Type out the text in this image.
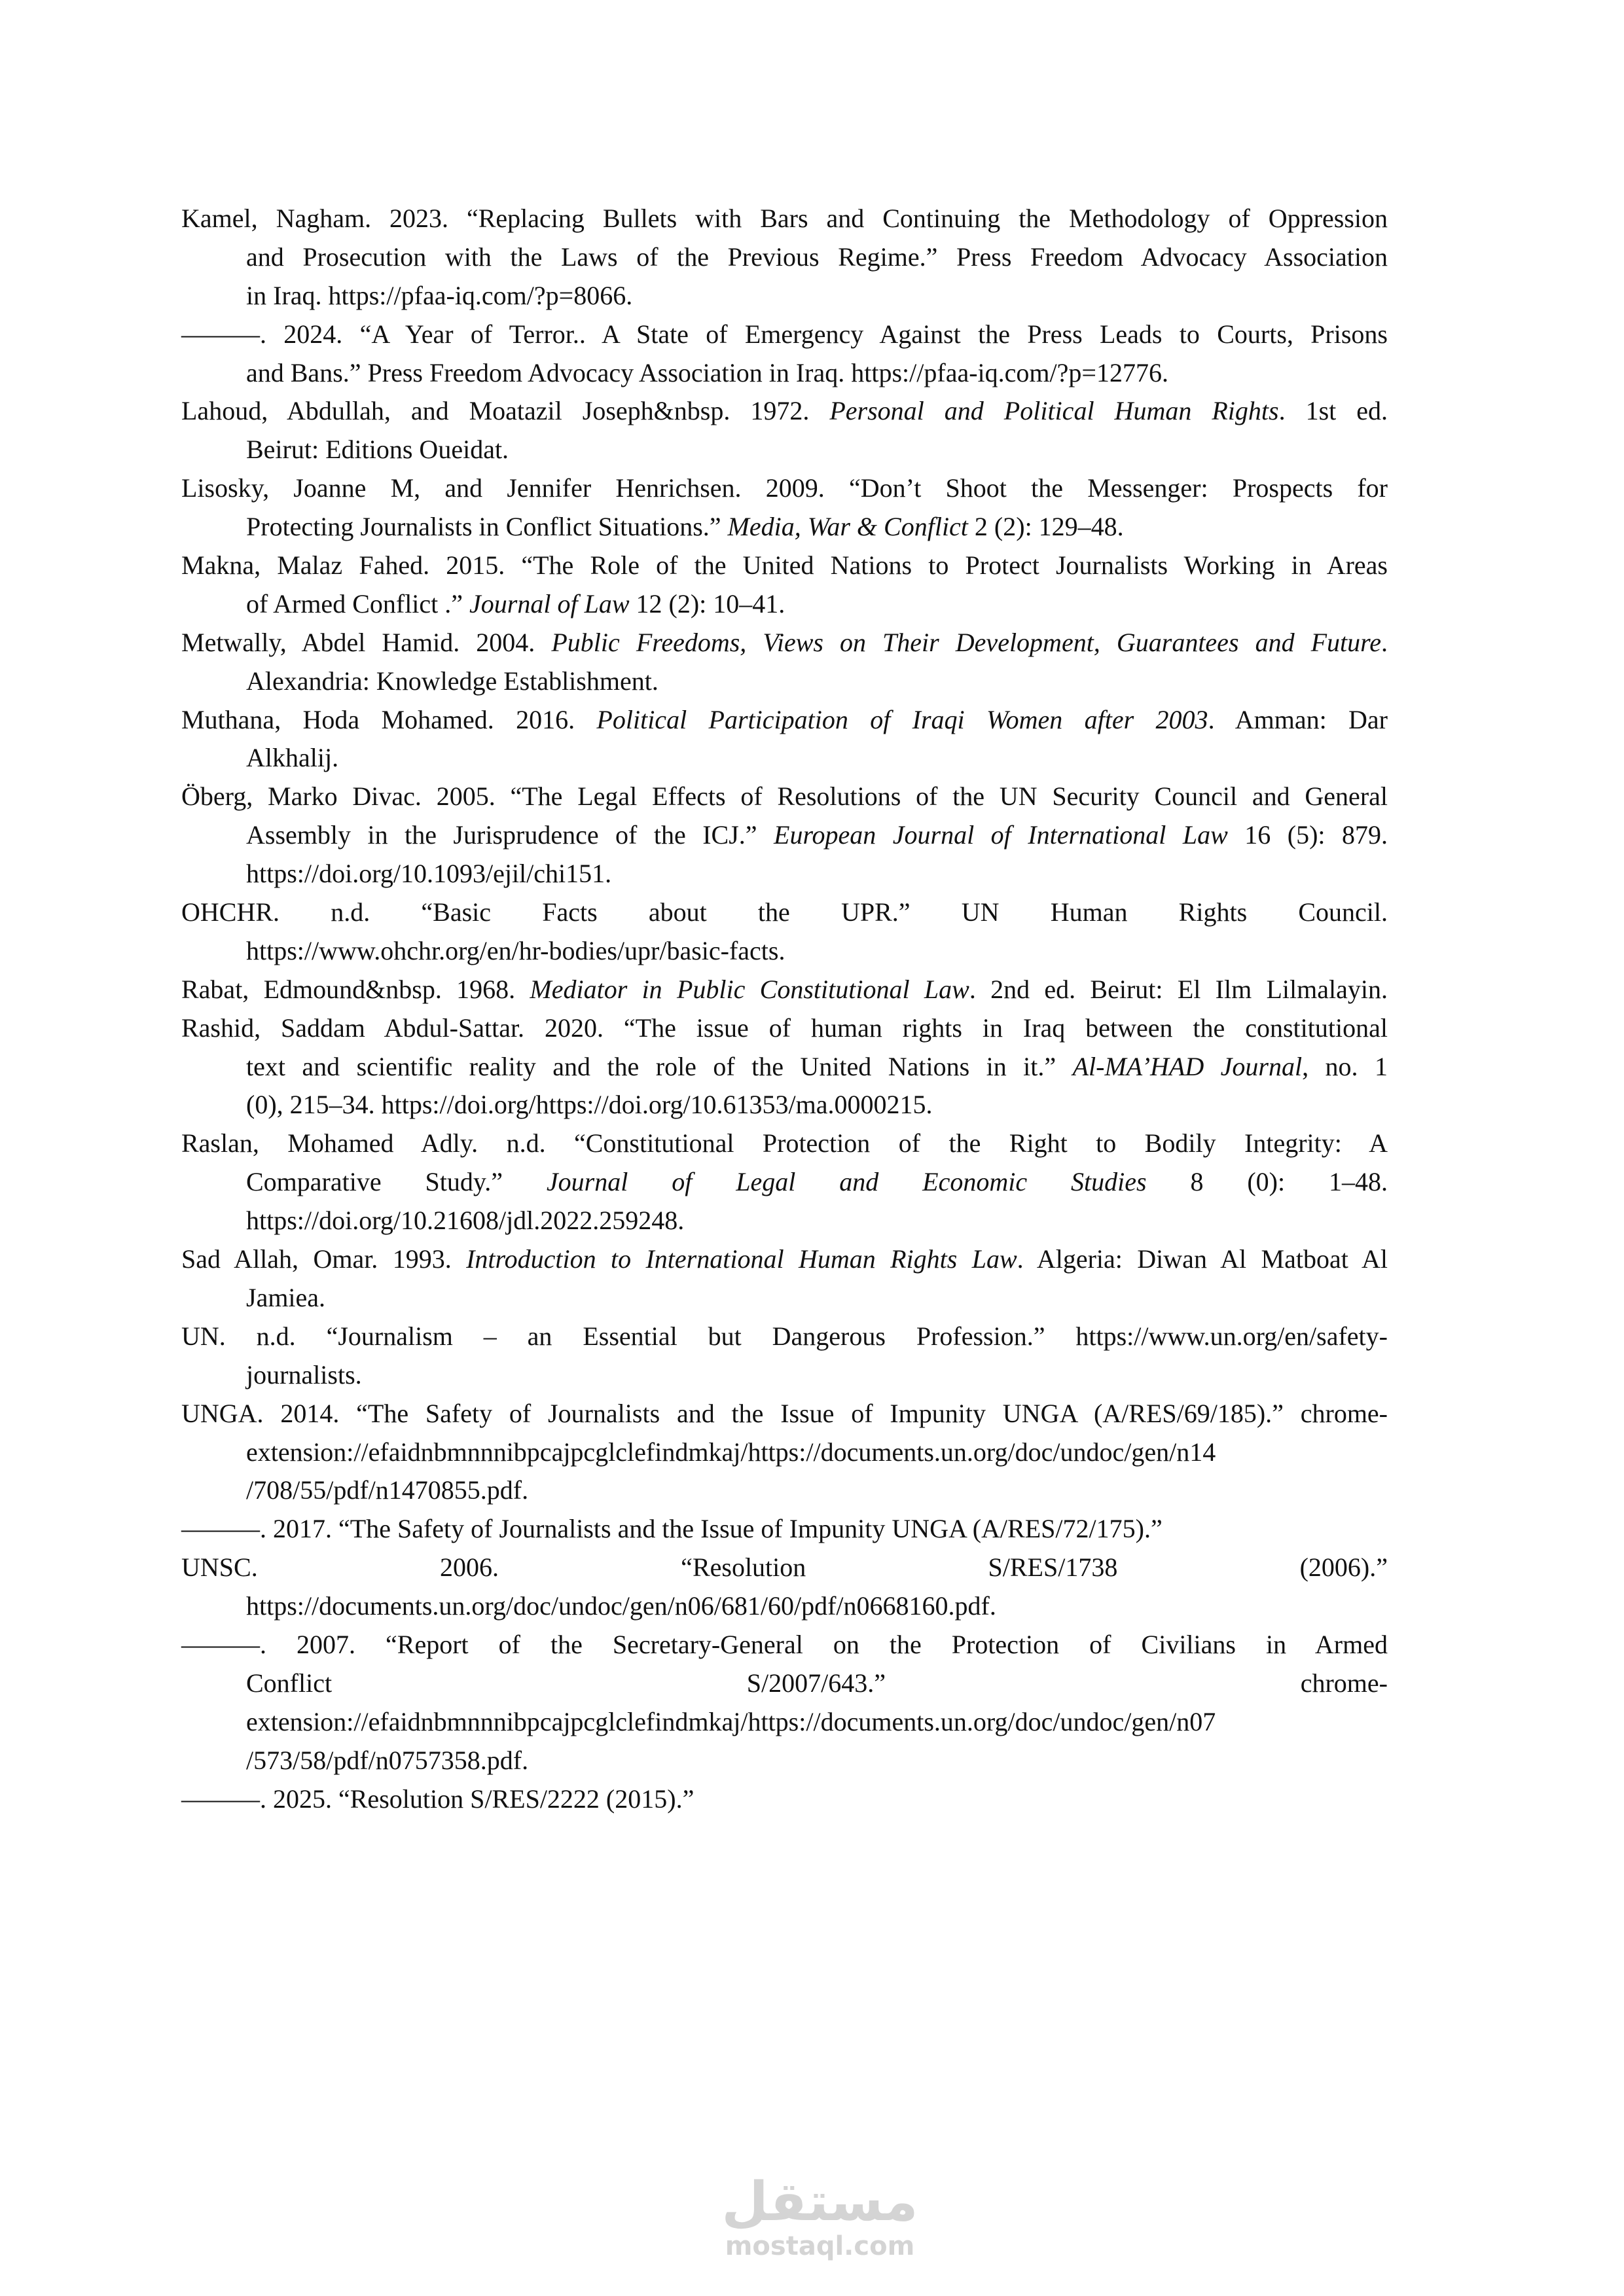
Kamel, Nagham. 2023. “Replacing Bullets with Bars and Continuing the Methodology of Oppression
and Prosecution with the Laws of the Previous Regime.” Press Freedom Advocacy Association
in Iraq. https://pfaa-iq.com/?p=8066.
———. 2024. “A Year of Terror.. A State of Emergency Against the Press Leads to Courts, Prisons
and Bans.” Press Freedom Advocacy Association in Iraq. https://pfaa-iq.com/?p=12776.
Lahoud, Abdullah, and Moatazil Joseph&nbsp. 1972. Personal and Political Human Rights. 1st ed.
Beirut: Editions Oueidat.
Lisosky, Joanne M, and Jennifer Henrichsen. 2009. “Don’t Shoot the Messenger: Prospects for
Protecting Journalists in Conflict Situations.” Media, War & Conflict 2 (2): 129–48.
Makna, Malaz Fahed. 2015. “The Role of the United Nations to Protect Journalists Working in Areas
of Armed Conflict .” Journal of Law 12 (2): 10–41.
Metwally, Abdel Hamid. 2004. Public Freedoms, Views on Their Development, Guarantees and Future.
Alexandria: Knowledge Establishment.
Muthana, Hoda Mohamed. 2016. Political Participation of Iraqi Women after 2003. Amman: Dar
Alkhalij.
Öberg, Marko Divac. 2005. “The Legal Effects of Resolutions of the UN Security Council and General
Assembly in the Jurisprudence of the ICJ.” European Journal of International Law 16 (5): 879.
https://doi.org/10.1093/ejil/chi151.
OHCHR. n.d. “Basic Facts about the UPR.” UN Human Rights Council.
https://www.ohchr.org/en/hr-bodies/upr/basic-facts.
Rabat, Edmound&nbsp. 1968. Mediator in Public Constitutional Law. 2nd ed. Beirut: El Ilm Lilmalayin.
Rashid, Saddam Abdul-Sattar. 2020. “The issue of human rights in Iraq between the constitutional
text and scientific reality and the role of the United Nations in it.” Al-MA’HAD Journal, no. 1
(0), 215–34. https://doi.org/https://doi.org/10.61353/ma.0000215.
Raslan, Mohamed Adly. n.d. “Constitutional Protection of the Right to Bodily Integrity: A
Comparative Study.” Journal of Legal and Economic Studies 8 (0): 1–48.
https://doi.org/10.21608/jdl.2022.259248.
Sad Allah, Omar. 1993. Introduction to International Human Rights Law. Algeria: Diwan Al Matboat Al
Jamiea.
UN. n.d. “Journalism – an Essential but Dangerous Profession.” https://www.un.org/en/safety-
journalists.
UNGA. 2014. “The Safety of Journalists and the Issue of Impunity UNGA (A/RES/69/185).” chrome-
extension://efaidnbmnnnibpcajpcglclefindmkaj/https://documents.un.org/doc/undoc/gen/n14
/708/55/pdf/n1470855.pdf.
———. 2017. “The Safety of Journalists and the Issue of Impunity UNGA (A/RES/72/175).”
UNSC. 2006. “Resolution S/RES/1738 (2006).”
https://documents.un.org/doc/undoc/gen/n06/681/60/pdf/n0668160.pdf.
———. 2007. “Report of the Secretary-General on the Protection of Civilians in Armed
Conflict S/2007/643.” chrome-
extension://efaidnbmnnnibpcajpcglclefindmkaj/https://documents.un.org/doc/undoc/gen/n07
/573/58/pdf/n0757358.pdf.
———. 2025. “Resolution S/RES/2222 (2015).”
مستقل
mostaql.com
